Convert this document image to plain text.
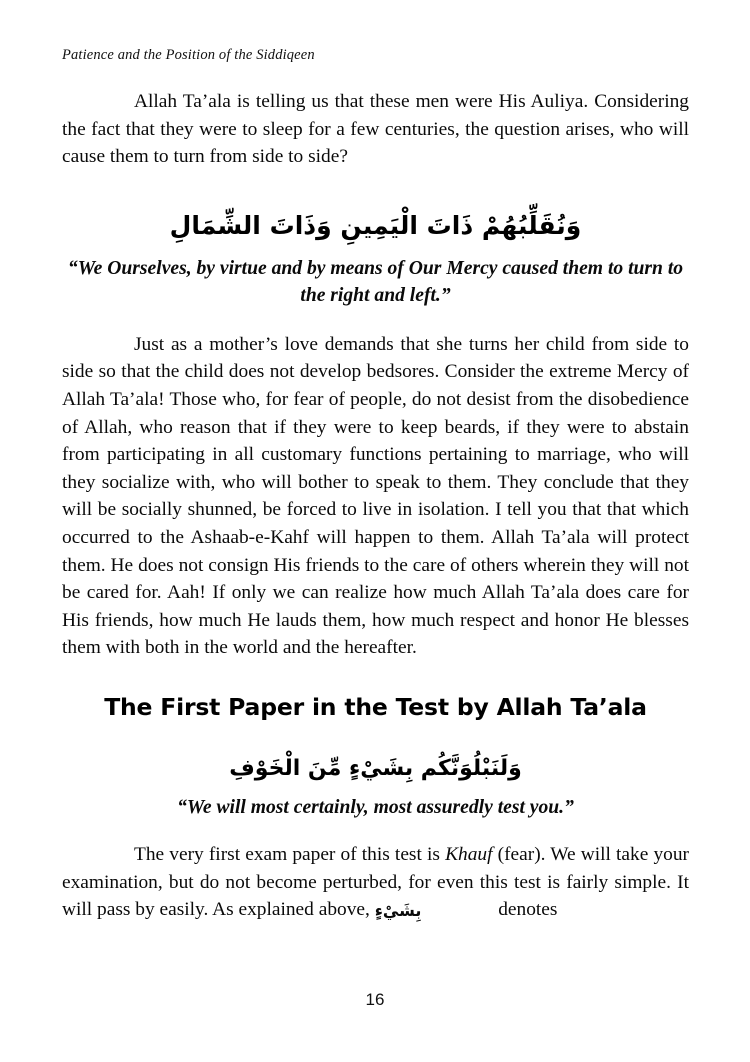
Patience and the Position of the Siddiqeen

Allah Ta’ala is telling us that these men were His Auliya. Considering the fact that they were to sleep for a few centuries, the question arises, who will cause them to turn from side to side?

وَنُقَلِّبُهُمْ ذَاتَ الْيَمِينِ وَذَاتَ الشِّمَالِ

“We Ourselves, by virtue and by means of Our Mercy caused them to turn to the right and left.”

Just as a mother’s love demands that she turns her child from side to side so that the child does not develop bedsores. Consider the extreme Mercy of Allah Ta’ala! Those who, for fear of people, do not desist from the disobedience of Allah, who reason that if they were to keep beards, if they were to abstain from participating in all customary functions pertaining to marriage, who will they socialize with, who will bother to speak to them. They conclude that they will be socially shunned, be forced to live in isolation. I tell you that that which occurred to the Ashaab-e-Kahf will happen to them. Allah Ta’ala will protect them. He does not consign His friends to the care of others wherein they will not be cared for. Aah! If only we can realize how much Allah Ta’ala does care for His friends, how much He lauds them, how much respect and honor He blesses them with both in the world and the hereafter.

The First Paper in the Test by Allah Ta’ala

وَلَنَبْلُوَنَّكُم بِشَيْءٍ مِّنَ الْخَوْفِ

“We will most certainly, most assuredly test you.”

The very first exam paper of this test is Khauf (fear). We will take your examination, but do not become perturbed, for even this test is fairly simple. It will pass by easily. As explained above, بِشَيْءٍ	denotes

16
